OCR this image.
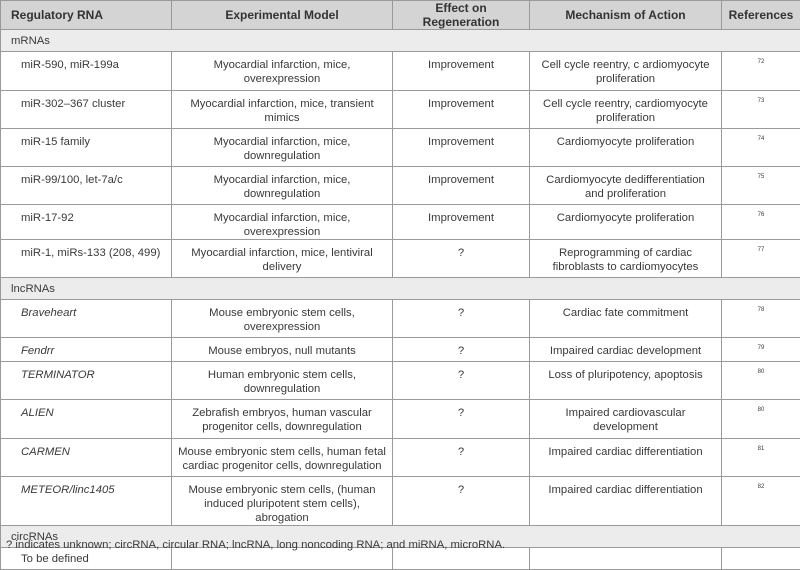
Regulatory RNA	Experimental Model	Effect on Regeneration	Mechanism of Action	References
mRNAs				
miR-590, miR-199a	Myocardial infarction, mice, overexpression	Improvement	Cell cycle reentry, c ardiomyocyte proliferation	72
miR-302–367 cluster	Myocardial infarction, mice, transient mimics	Improvement	Cell cycle reentry, cardiomyocyte proliferation	73
miR-15 family	Myocardial infarction, mice, downregulation	Improvement	Cardiomyocyte proliferation	74
miR-99/100, let-7a/c	Myocardial infarction, mice, downregulation	Improvement	Cardiomyocyte dedifferentiation and proliferation	75
miR-17-92	Myocardial infarction, mice, overexpression	Improvement	Cardiomyocyte proliferation	76
miR-1, miRs-133 (208, 499)	Myocardial infarction, mice, lentiviral delivery	?	Reprogramming of cardiac fibroblasts to cardiomyocytes	77
lncRNAs				
Braveheart	Mouse embryonic stem cells, overexpression	?	Cardiac fate commitment	78
Fendrr	Mouse embryos, null mutants	?	Impaired cardiac development	79
TERMINATOR	Human embryonic stem cells, downregulation	?	Loss of pluripotency, apoptosis	80
ALIEN	Zebrafish embryos, human vascular progenitor cells, downregulation	?	Impaired cardiovascular development	80
CARMEN	Mouse embryonic stem cells, human fetal cardiac progenitor cells, downregulation	?	Impaired cardiac differentiation	81
METEOR/linc1405	Mouse embryonic stem cells, (human induced pluripotent stem cells), abrogation	?	Impaired cardiac differentiation	82
circRNAs				
To be defined				
? indicates unknown; circRNA, circular RNA; lncRNA, long noncoding RNA; and miRNA, microRNA.
